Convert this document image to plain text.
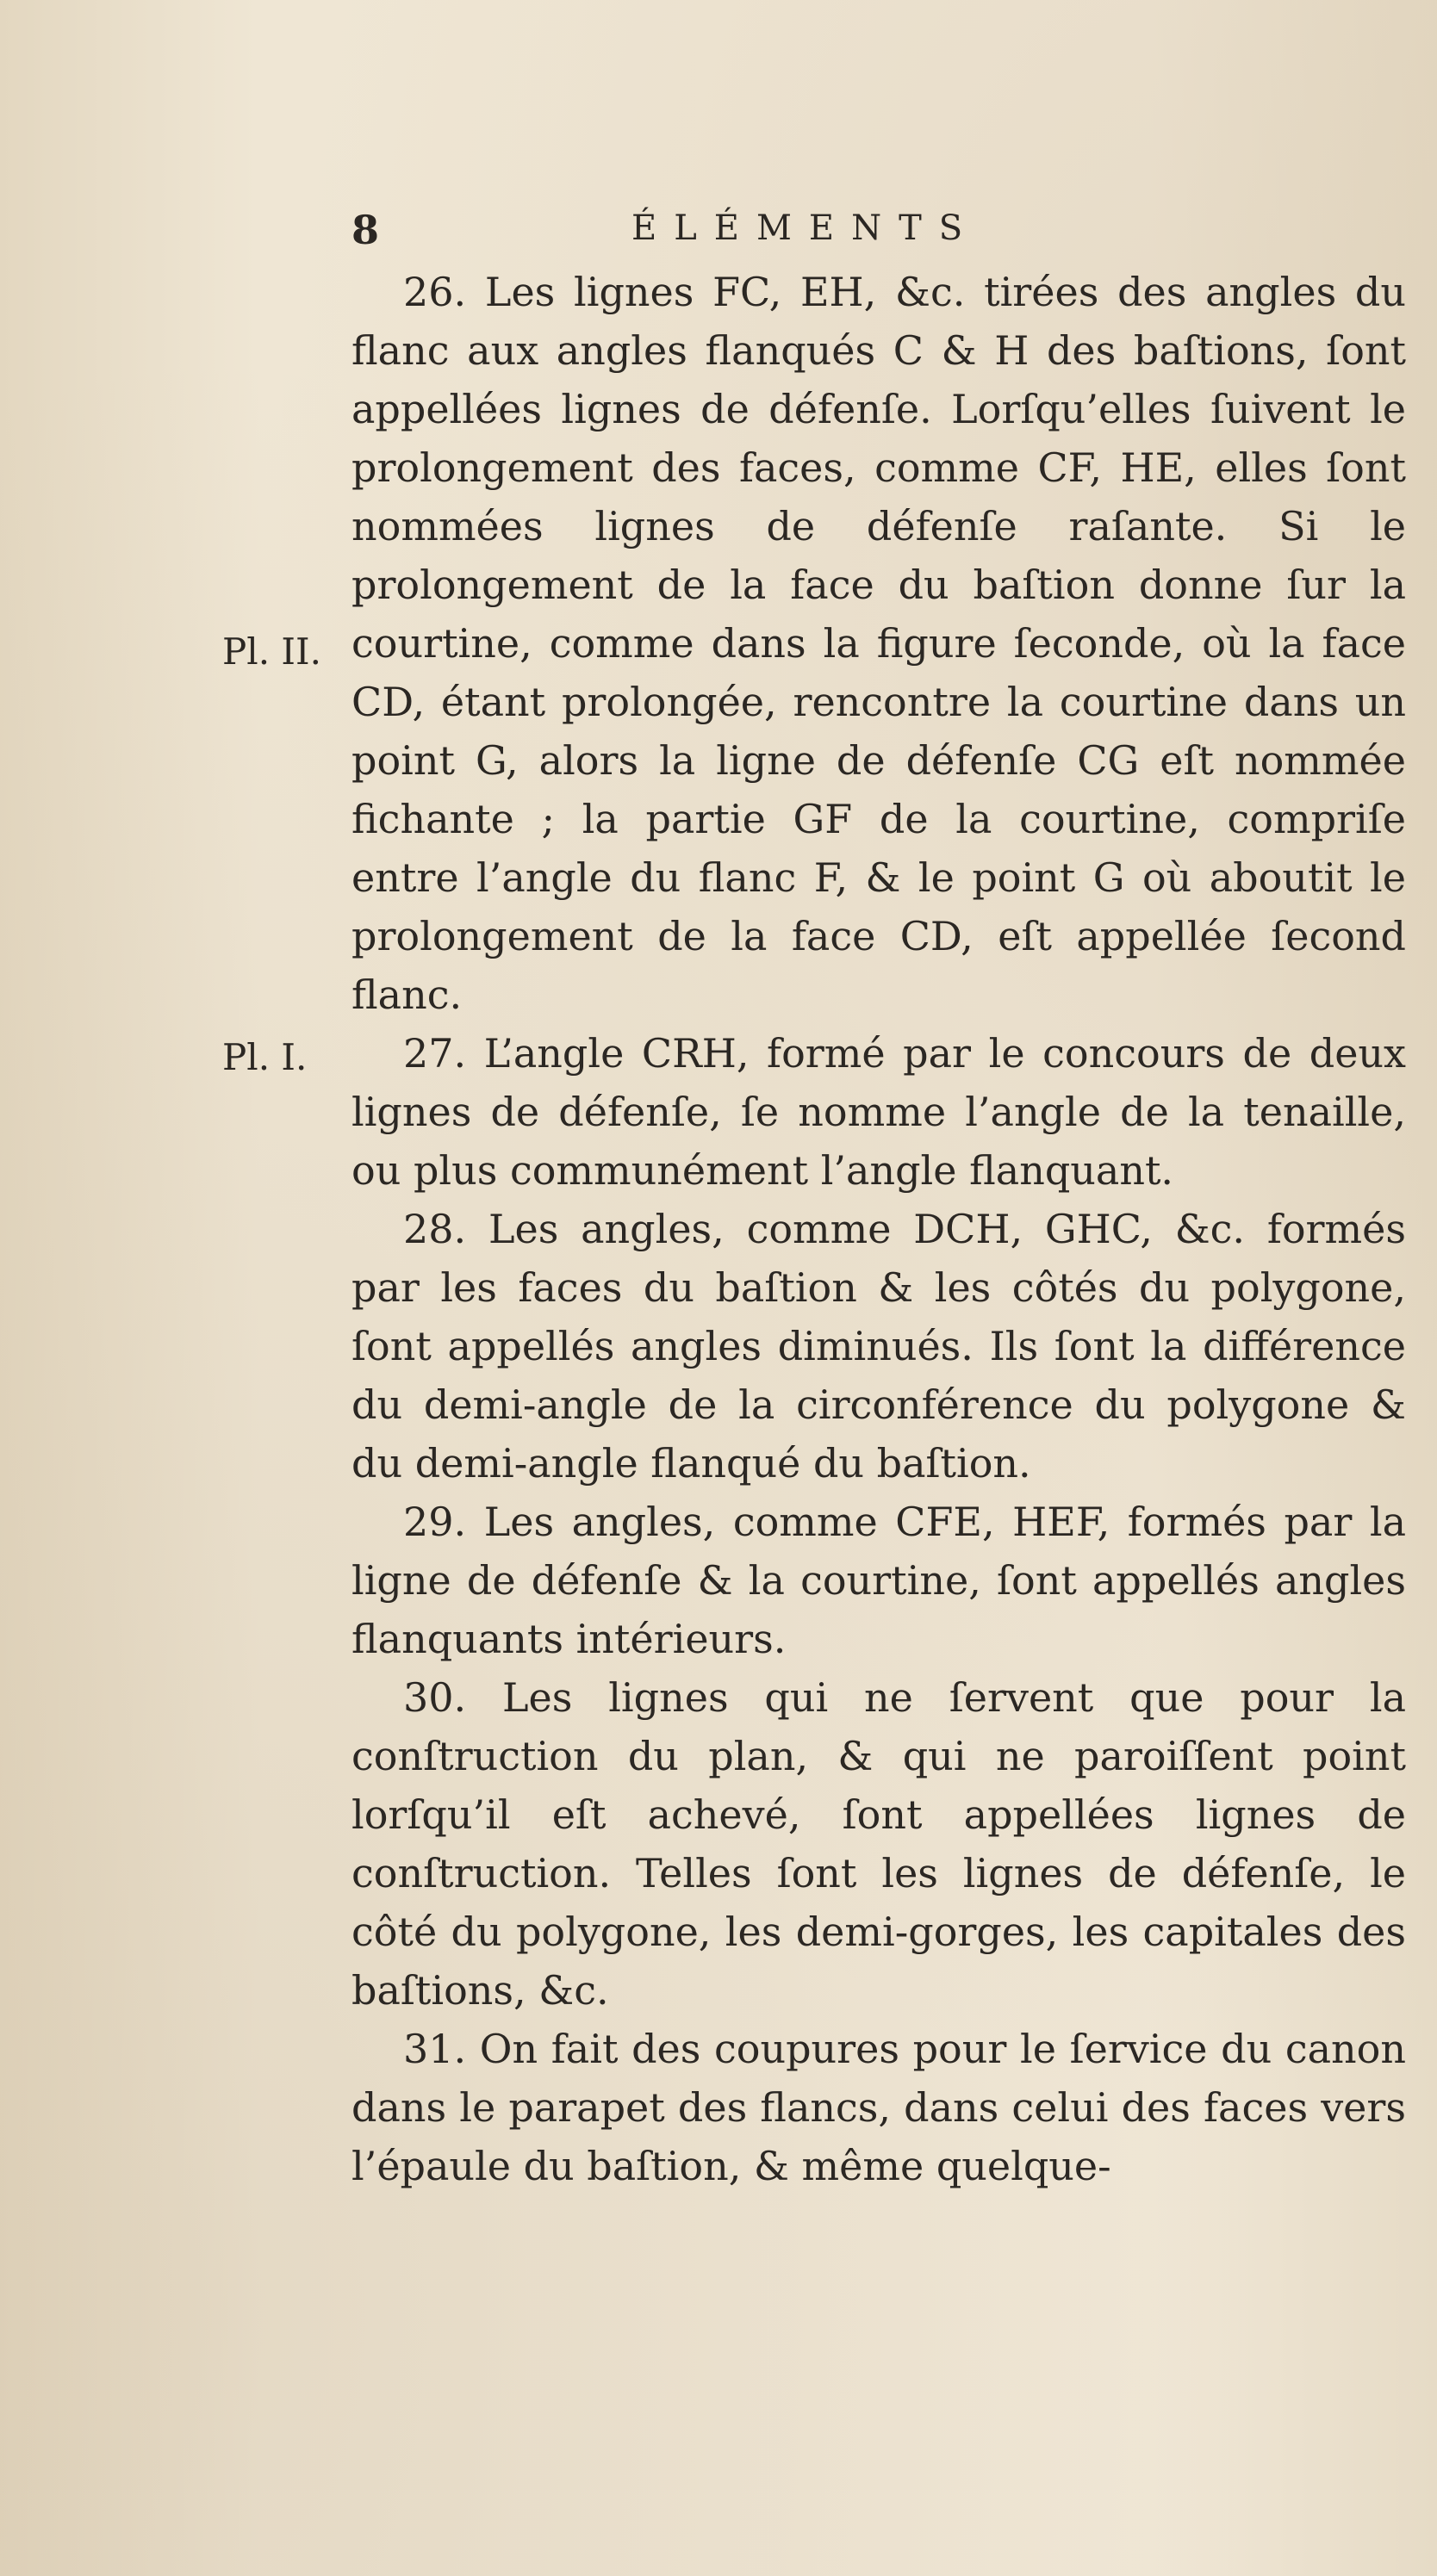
8	ÉLÉMENTS
Pl. II.
Pl. I.

26. Les lignes FC, EH, &c. tirées des angles du flanc aux angles flanqués C & H des baſtions, ſont appellées lignes de défenſe. Lorſqu’elles ſuivent le prolongement des faces, comme CF, HE, elles ſont nommées lignes de défenſe raſante. Si le prolongement de la face du baſtion donne ſur la courtine, comme dans la figure ſeconde, où la face CD, étant prolongée, rencontre la courtine dans un point G, alors la ligne de défenſe CG eſt nommée fichante ; la partie GF de la courtine, compriſe entre l’angle du flanc F, & le point G où aboutit le prolongement de la face CD, eſt appellée ſecond flanc.

27. L’angle CRH, formé par le concours de deux lignes de défenſe, ſe nomme l’angle de la tenaille, ou plus communément l’angle flanquant.

28. Les angles, comme DCH, GHC, &c. formés par les faces du baſtion & les côtés du polygone, ſont appellés angles diminués. Ils ſont la différence du demi-angle de la circonférence du polygone & du demi-angle flanqué du baſtion.

29. Les angles, comme CFE, HEF, formés par la ligne de défenſe & la courtine, ſont appellés angles flanquants intérieurs.

30. Les lignes qui ne ſervent que pour la conſtruction du plan, & qui ne paroiſſent point lorſqu’il eſt achevé, ſont appellées lignes de conſtruction. Telles ſont les lignes de défenſe, le côté du polygone, les demi-gorges, les capitales des baſtions, &c.

31. On fait des coupures pour le ſervice du canon dans le parapet des flancs, dans celui des faces vers l’épaule du baſtion, & même quelque-
